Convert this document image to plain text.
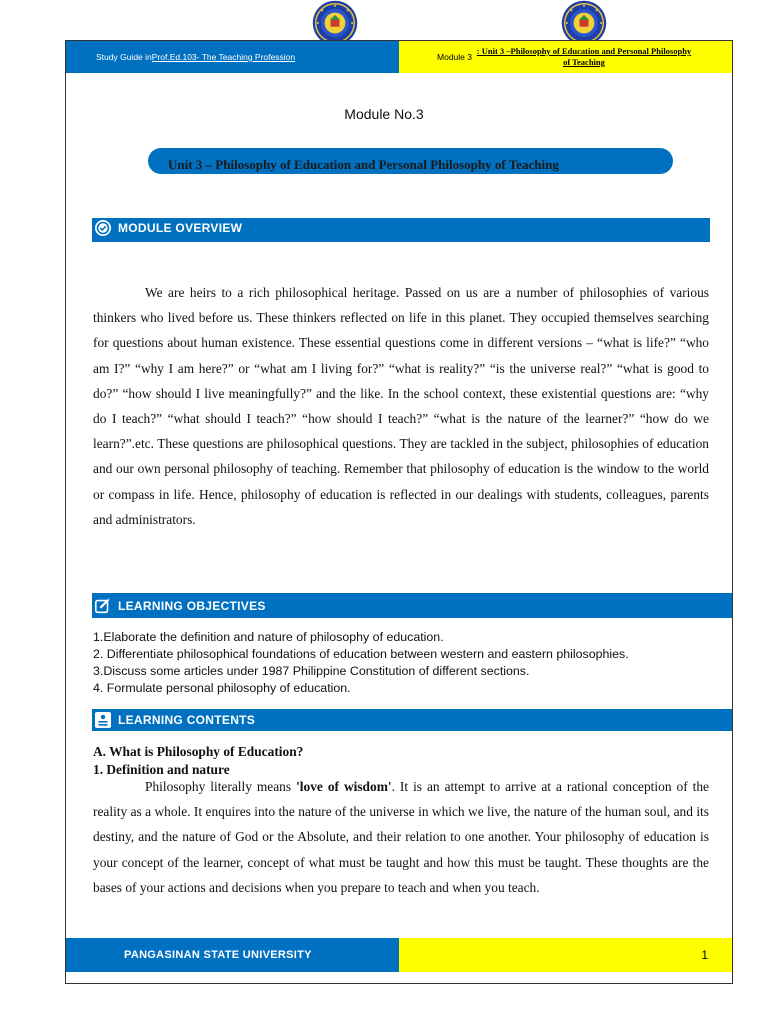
Study Guide in Prof.Ed.103- The Teaching Profession	Module 3
: Unit 3 –Philosophy of Education and Personal Philosophy of Teaching
Module No.3
Unit 3 – Philosophy of Education and Personal Philosophy of Teaching
MODULE OVERVIEW
We are heirs to a rich philosophical heritage. Passed on us are a number of philosophies of various thinkers who lived before us. These thinkers reflected on life in this planet. They occupied themselves searching for questions about human existence. These essential questions come in different versions – “what is life?” “who am I?” “why I am here?” or “what am I living for?” “what is reality?” “is the universe real?” “what is good to do?” “how should I live meaningfully?” and the like. In the school context, these existential questions are: “why do I teach?” “what should I teach?” “how should I teach?” “what is the nature of the learner?” “how do we learn?”.etc. These questions are philosophical questions. They are tackled in the subject, philosophies of education and our own personal philosophy of teaching. Remember that philosophy of education is the window to the world or compass in life. Hence, philosophy of education is reflected in our dealings with students, colleagues, parents and administrators.
LEARNING OBJECTIVES
1.Elaborate the definition and nature of philosophy of education.
2. Differentiate philosophical foundations of education between western and eastern philosophies.
3.Discuss some articles under 1987 Philippine Constitution of different sections.
4. Formulate personal philosophy of education.
LEARNING CONTENTS
A. What is Philosophy of Education?
1. Definition and nature
Philosophy literally means 'love of wisdom'. It is an attempt to arrive at a rational conception of the reality as a whole. It enquires into the nature of the universe in which we live, the nature of the human soul, and its destiny, and the nature of God or the Absolute, and their relation to one another. Your philosophy of education is your concept of the learner, concept of what must be taught and how this must be taught. These thoughts are the bases of your actions and decisions when you prepare to teach and when you teach.
PANGASINAN STATE UNIVERSITY	1
